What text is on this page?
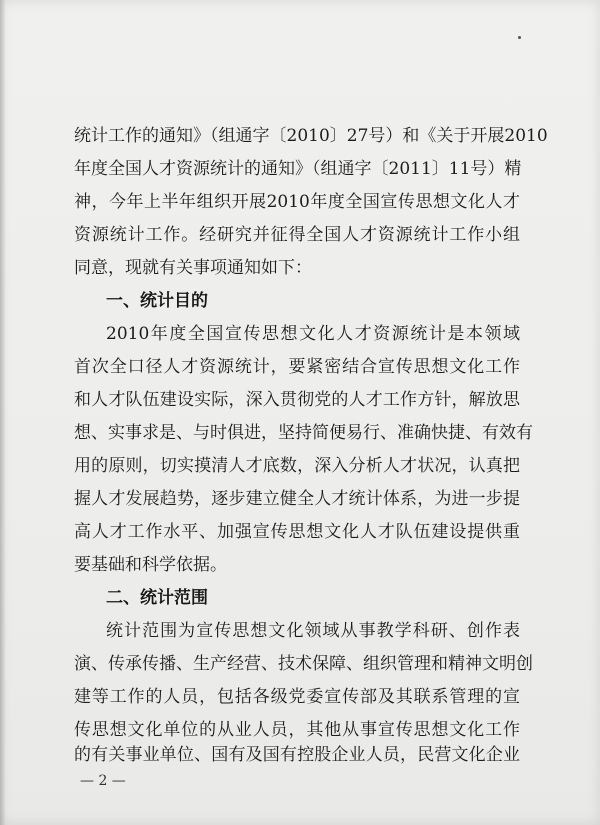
统计工作的通知》（组通字〔2010〕27号）和《关于开展2010
年度全国人才资源统计的通知》（组通字〔2011〕11号）精
神，今年上半年组织开展2010年度全国宣传思想文化人才
资源统计工作。经研究并征得全国人才资源统计工作小组
同意，现就有关事项通知如下：
一、统计目的
2010年度全国宣传思想文化人才资源统计是本领域
首次全口径人才资源统计，要紧密结合宣传思想文化工作
和人才队伍建设实际，深入贯彻党的人才工作方针，解放思
想、实事求是、与时俱进，坚持简便易行、准确快捷、有效有
用的原则，切实摸清人才底数，深入分析人才状况，认真把
握人才发展趋势，逐步建立健全人才统计体系，为进一步提
高人才工作水平、加强宣传思想文化人才队伍建设提供重
要基础和科学依据。
二、统计范围
统计范围为宣传思想文化领域从事教学科研、创作表
演、传承传播、生产经营、技术保障、组织管理和精神文明创
建等工作的人员，包括各级党委宣传部及其联系管理的宣
传思想文化单位的从业人员，其他从事宣传思想文化工作
的有关事业单位、国有及国有控股企业人员，民营文化企业
— 2 —
